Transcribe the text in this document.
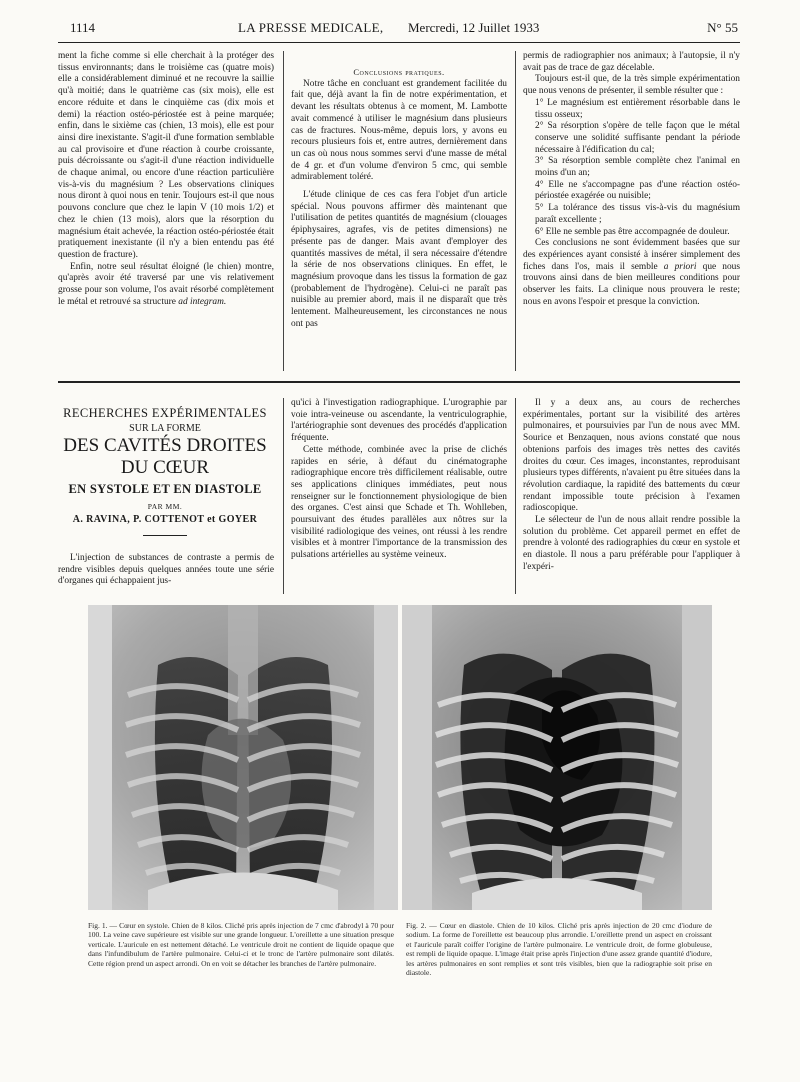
1114	LA PRESSE MEDICALE, Mercredi, 12 Juillet 1933	N° 55

ment la fiche comme si elle cherchait à la protéger des tissus environnants; dans le troisième cas (quatre mois) elle a considérablement diminué et ne recouvre la saillie qu'à moitié; dans le quatrième cas (six mois), elle est encore réduite et dans le cinquième cas (dix mois et demi) la réaction ostéo-périostée est à peine marquée; enfin, dans le sixième cas (chien, 13 mois), elle est pour ainsi dire inexistante. S'agit-il d'une formation semblable au cal provisoire et d'une réaction à courbe croissante, puis décroissante ou s'agit-il d'une réaction individuelle de chaque animal, ou encore d'une réaction particulière vis-à-vis du magnésium ? Les observations cliniques nous diront à quoi nous en tenir. Toujours est-il que nous pouvons conclure que chez le lapin V (10 mois 1/2) et chez le chien (13 mois), alors que la résorption du magnésium était achevée, la réaction ostéo-périostée était pratiquement inexistante (il n'y a bien entendu pas été question de fracture).

Enfin, notre seul résultat éloigné (le chien) montre, qu'après avoir été traversé par une vis relativement grosse pour son volume, l'os avait résorbé complètement le métal et retrouvé sa structure ad integram.

Conclusions pratiques.

Notre tâche en concluant est grandement facilitée du fait que, déjà avant la fin de notre expérimentation, et devant les résultats obtenus à ce moment, M. Lambotte avait commencé à utiliser le magnésium dans plusieurs cas de fractures. Nous-même, depuis lors, y avons eu recours plusieurs fois et, entre autres, dernièrement dans un cas où nous nous sommes servi d'une masse de métal de 4 gr. et d'un volume d'environ 5 cmc, qui semble admirablement toléré.

L'étude clinique de ces cas fera l'objet d'un article spécial. Nous pouvons affirmer dès maintenant que l'utilisation de petites quantités de magnésium (clouages épiphysaires, agrafes, vis de petites dimensions) ne présente pas de danger. Mais avant d'employer des quantités massives de métal, il sera nécessaire d'étendre la série de nos observations cliniques. En effet, le magnésium provoque dans les tissus la formation de gaz (probablement de l'hydrogène). Celui-ci ne paraît pas nuisible au premier abord, mais il ne disparaît que très lentement. Malheureusement, les circonstances ne nous ont pas

permis de radiographier nos animaux; à l'autopsie, il n'y avait pas de trace de gaz décelable.

Toujours est-il que, de la très simple expérimentation que nous venons de présenter, il semble résulter que :

1° Le magnésium est entièrement résorbable dans le tissu osseux;

2° Sa résorption s'opère de telle façon que le métal conserve une solidité suffisante pendant la période nécessaire à l'édification du cal;

3° Sa résorption semble complète chez l'animal en moins d'un an;

4° Elle ne s'accompagne pas d'une réaction ostéo-périostée exagérée ou nuisible;

5° La tolérance des tissus vis-à-vis du magnésium paraît excellente ;

6° Elle ne semble pas être accompagnée de douleur.

Ces conclusions ne sont évidemment basées que sur des expériences ayant consisté à insérer simplement des fiches dans l'os, mais il semble a priori que nous trouvons ainsi dans de bien meilleures conditions pour observer les faits. La clinique nous prouvera le reste; nous en avons l'espoir et presque la conviction.

RECHERCHES EXPÉRIMENTALES
SUR LA FORME
DES CAVITÉS DROITES
DU CŒUR
EN SYSTOLE ET EN DIASTOLE
PAR MM.
A. RAVINA, P. COTTENOT et GOYER

L'injection de substances de contraste a permis de rendre visibles depuis quelques années toute une série d'organes qui échappaient jus-

qu'ici à l'investigation radiographique. L'urographie par voie intra-veineuse ou ascendante, la ventriculographie, l'artériographie sont devenues des procédés d'application fréquente.

Cette méthode, combinée avec la prise de clichés rapides en série, à défaut du cinématographe radiographique encore très difficilement réalisable, outre ses applications cliniques immédiates, peut nous renseigner sur le fonctionnement physiologique de bien des organes. C'est ainsi que Schade et Th. Wohlleben, poursuivant des études parallèles aux nôtres sur la visibilité radiologique des veines, ont réussi à les rendre visibles et à montrer l'importance de la transmission des pulsations artérielles au système veineux.

Il y a deux ans, au cours de recherches expérimentales, portant sur la visibilité des artères pulmonaires, et poursuivies par l'un de nous avec MM. Sourice et Benzaquen, nous avions constaté que nous obtenions parfois des images très nettes des cavités droites du cœur. Ces images, inconstantes, reproduisant plusieurs types différents, n'avaient pu être situées dans la révolution cardiaque, la rapidité des battements du cœur rendant impossible toute précision à l'examen radioscopique.

Le sélecteur de l'un de nous allait rendre possible la solution du problème. Cet appareil permet en effet de prendre à volonté des radiographies du cœur en systole et en diastole. Il nous a paru préférable pour l'appliquer à l'expéri-

Fig. 1. — Cœur en systole. Chien de 8 kilos. Cliché pris après injection de 7 cmc d'abrodyl à 70 pour 100. La veine cave supérieure est visible sur une grande longueur. L'oreillette a une situation presque verticale. L'auricule en est nettement détaché. Le ventricule droit ne contient de liquide opaque que dans l'infundibulum de l'artère pulmonaire. Celui-ci et le tronc de l'artère pulmonaire sont dilatés. Cette région prend un aspect arrondi. On en voit se détacher les branches de l'artère pulmonaire.

Fig. 2. — Cœur en diastole. Chien de 10 kilos. Cliché pris après injection de 20 cmc d'iodure de sodium. La forme de l'oreillette est beaucoup plus arrondie. L'oreillette prend un aspect en croissant et l'auricule paraît coiffer l'origine de l'artère pulmonaire. Le ventricule droit, de forme globuleuse, est rempli de liquide opaque. L'image était prise après l'injection d'une assez grande quantité d'iodure, les artères pulmonaires en sont remplies et sont très visibles, bien que la radiographie soit prise en diastole.
